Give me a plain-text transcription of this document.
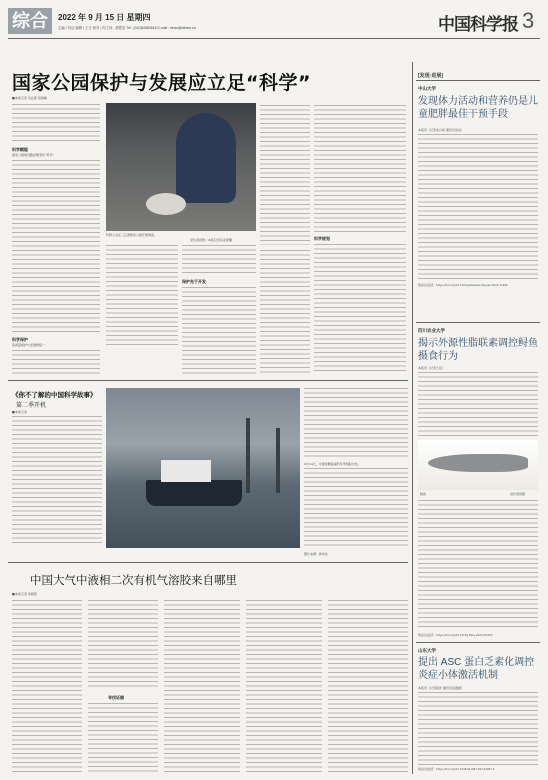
综合	2022 年 9 月 15 日 星期四
主编 / 肖洁 编辑 / 王方 校对 / 何工伟 , 胡恩容 Tel : (010)62580618 E-mail : news@stimes.cn	中国科学报 3
国家公园保护与发展应立足“科学”
■本报记者 冯亚唐 吴海楠
科学赋能
国家公园建设路径要坚持“科学”
科学保护
高质量保护与发展相统一
科研人员在三江源国家公园开展调查。
受访者供图 / 本报记者冯亚唐摄
保护先于开发
科学规划
《你不了解的中国科学故事》
第二季开机
■本报记者
9月14日，中国首艘高端科学考察船出发。
图片来源：新华社
中国大气中液相二次有机气溶胶来自哪里
■本报记者 李晨阳
寻找证据
[发现·进展]
中山大学
发现体力活动和营养仍是儿童肥胖最佳干预手段
本报讯（记者朱汉斌 通讯员吴洁）
相关论文信息：https://doi.org/10.1001/jamanetworkopen.2022.31400
四川农业大学
揭示外源性脂联素调控鲟鱼摄食行为
本报讯（记者王启）
鲟鱼	受访者供图
相关论文信息：https://doi.org/10.1016/j.fmre.2022.05.005
山东大学
提出 ASC 蛋白乏素化调控炎症小体激活机制
本报讯（记者廖洋 通讯员张媛媛）
相关论文信息：https://doi.org/10.1038/s41467-022-32961-3
